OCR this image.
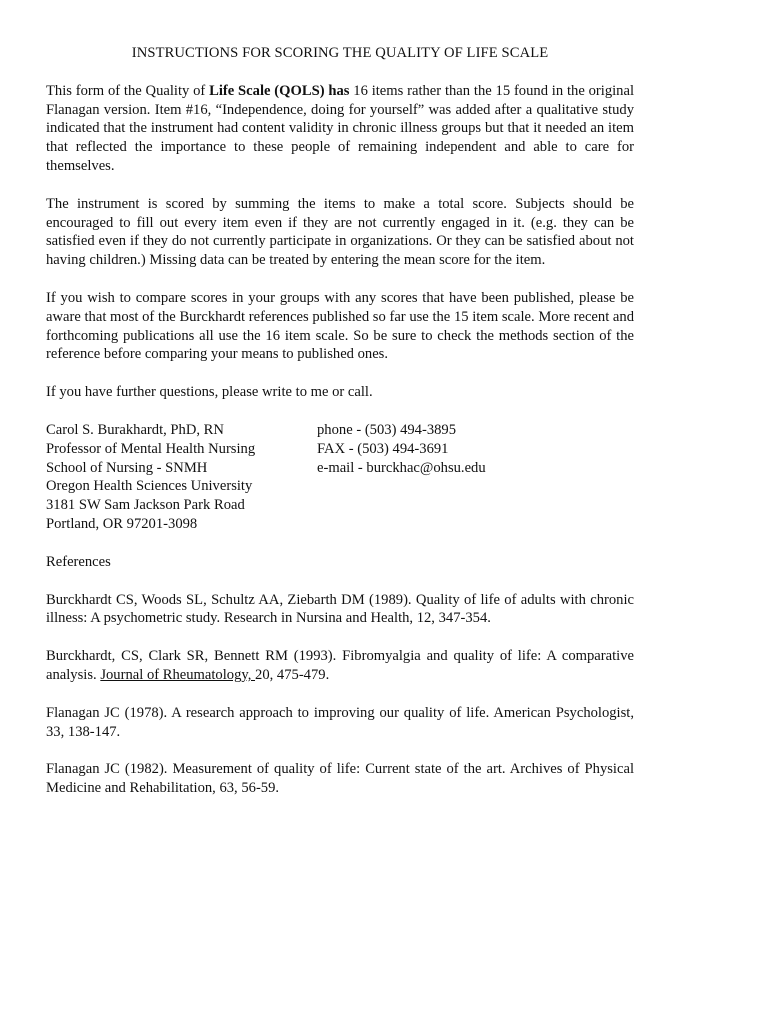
INSTRUCTIONS FOR SCORING THE QUALITY OF LIFE SCALE

This form of the Quality of Life Scale (QOLS) has 16 items rather than the 15 found in the original Flanagan version. Item #16, “Independence, doing for yourself” was added after a qualitative study indicated that the instrument had content validity in chronic illness groups but that it needed an item that reflected the importance to these people of remaining independent and able to care for themselves.

The instrument is scored by summing the items to make a total score. Subjects should be encouraged to fill out every item even if they are not currently engaged in it. (e.g. they can be satisfied even if they do not currently participate in organizations. Or they can be satisfied about not having children.) Missing data can be treated by entering the mean score for the item.

If you wish to compare scores in your groups with any scores that have been published, please be aware that most of the Burckhardt references published so far use the 15 item scale. More recent and forthcoming publications all use the 16 item scale. So be sure to check the methods section of the reference before comparing your means to published ones.

If you have further questions, please write to me or call.

Carol S. Burakhardt, PhD, RN
Professor of Mental Health Nursing
School of Nursing - SNMH
Oregon Health Sciences University
3181 SW Sam Jackson Park Road
Portland, OR 97201-3098
phone - (503) 494-3895
FAX - (503) 494-3691
e-mail - burckhac@ohsu.edu
References
Burckhardt CS, Woods SL, Schultz AA, Ziebarth DM (1989). Quality of life of adults with chronic illness: A psychometric study. Research in Nursina and Health, 12, 347-354.
Burckhardt, CS, Clark SR, Bennett RM (1993). Fibromyalgia and quality of life: A comparative analysis. Journal of Rheumatology, 20, 475-479.
Flanagan JC (1978). A research approach to improving our quality of life. American Psychologist, 33, 138-147.
Flanagan JC (1982). Measurement of quality of life: Current state of the art. Archives of Physical Medicine and Rehabilitation, 63, 56-59.
